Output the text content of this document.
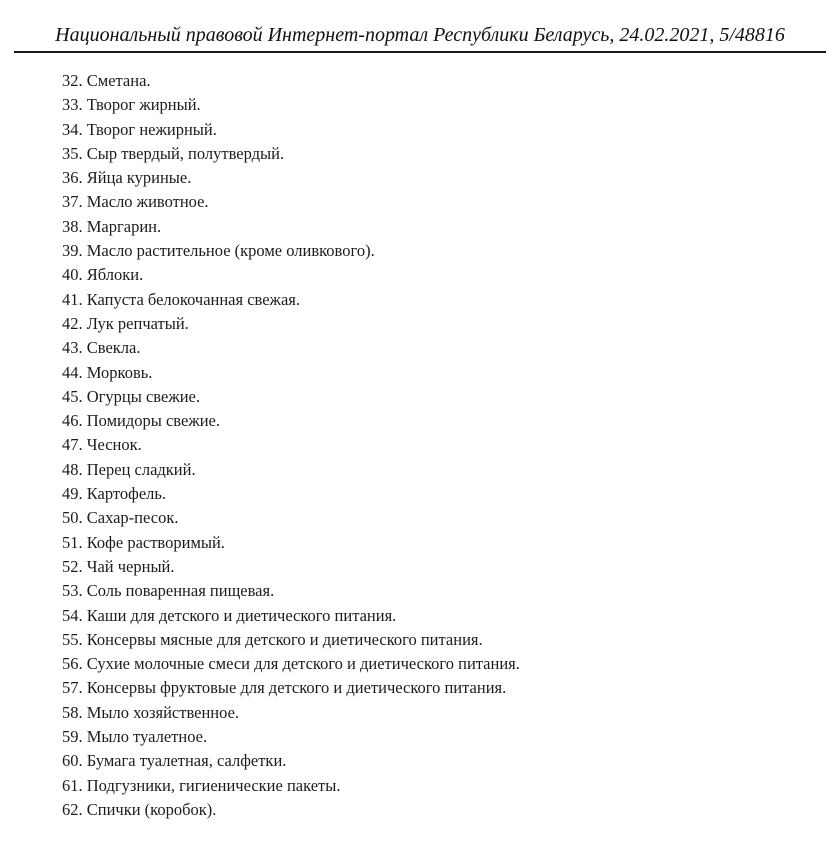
Национальный правовой Интернет-портал Республики Беларусь, 24.02.2021, 5/48816
32. Сметана.
33. Творог жирный.
34. Творог нежирный.
35. Сыр твердый, полутвердый.
36. Яйца куриные.
37. Масло животное.
38. Маргарин.
39. Масло растительное (кроме оливкового).
40. Яблоки.
41. Капуста белокочанная свежая.
42. Лук репчатый.
43. Свекла.
44. Морковь.
45. Огурцы свежие.
46. Помидоры свежие.
47. Чеснок.
48. Перец сладкий.
49. Картофель.
50. Сахар-песок.
51. Кофе растворимый.
52. Чай черный.
53. Соль поваренная пищевая.
54. Каши для детского и диетического питания.
55. Консервы мясные для детского и диетического питания.
56. Сухие молочные смеси для детского и диетического питания.
57. Консервы фруктовые для детского и диетического питания.
58. Мыло хозяйственное.
59. Мыло туалетное.
60. Бумага туалетная, салфетки.
61. Подгузники, гигиенические пакеты.
62. Спички (коробок).
